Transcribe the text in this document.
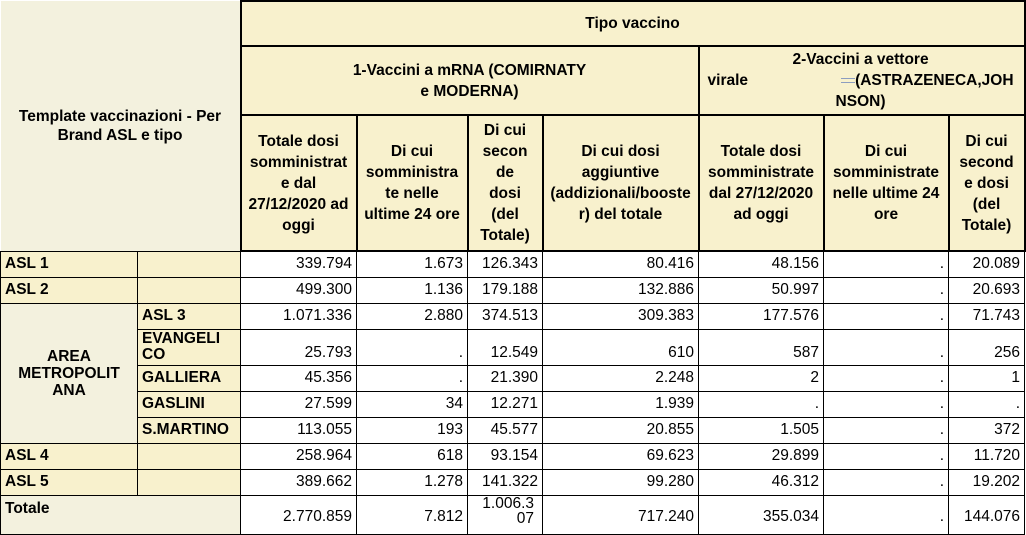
Template vaccinazioni - Per Brand ASL e tipo		Tipo vaccino						

		1-Vaccini a mRNA (COMIRNATY e MODERNA)				2-Vaccini a vettore
virale (ASTRAZENECA,JOH
NSON)		

		Totale dosi somministrate dal 27/12/2020 ad oggi	Di cui somministrate nelle ultime 24 ore	Di cui seconde dosi (del Totale)	Di cui dosi aggiuntive (addizionali/booster) del totale	Totale dosi somministrate dal 27/12/2020 ad oggi	Di cui somministrate nelle ultime 24 ore	Di cui seconde dosi (del Totale)
ASL 1		339.794	1.673	126.343	80.416	48.156	.	20.089
ASL 2		499.300	1.136	179.188	132.886	50.997	.	20.693

AREA METROPOLITANA	ASL 3	1.071.336	2.880	374.513	309.383	177.576	.	71.743

	EVANGELICO	25.793	.	12.549	610	587	.	256
	GALLIERA	45.356	.	21.390	2.248	2	.	1
	GASLINI	27.599	34	12.271	1.939	.	.	.
	S.MARTINO	113.055	193	45.577	20.855	1.505	.	372
ASL 4		258.964	618	93.154	69.623	29.899	.	11.720
ASL 5		389.662	1.278	141.322	99.280	46.312	.	19.202
Totale		2.770.859	7.812	1.006.307	717.240	355.034	.	144.076
